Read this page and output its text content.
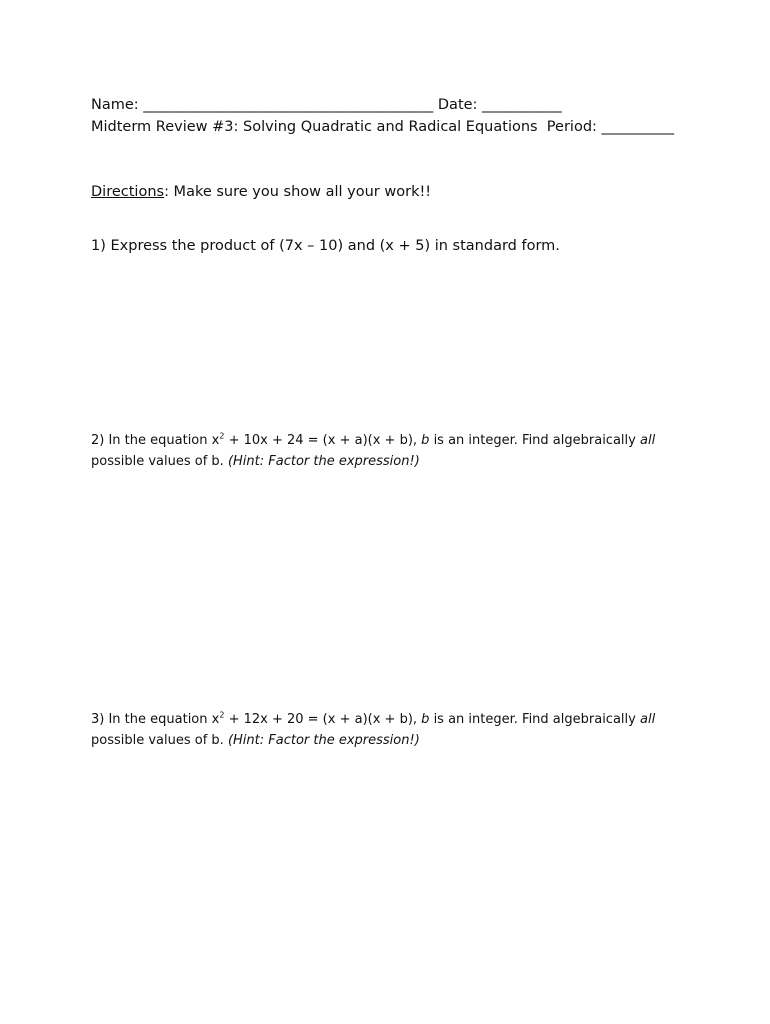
Name: ________________________________________ Date: ___________
Midterm Review #3: Solving Quadratic and Radical Equations  Period: __________
Directions: Make sure you show all your work!!
1) Express the product of (7x – 10) and (x + 5) in standard form.
2) In the equation $x^2 + 10x + 24 = (x + a)(x + b)$, b is an integer. Find algebraically all
possible values of b. (Hint: Factor the expression!)
3) In the equation $x^2 + 12x + 20 = (x + a)(x + b)$, b is an integer. Find algebraically all
possible values of b. (Hint: Factor the expression!)
